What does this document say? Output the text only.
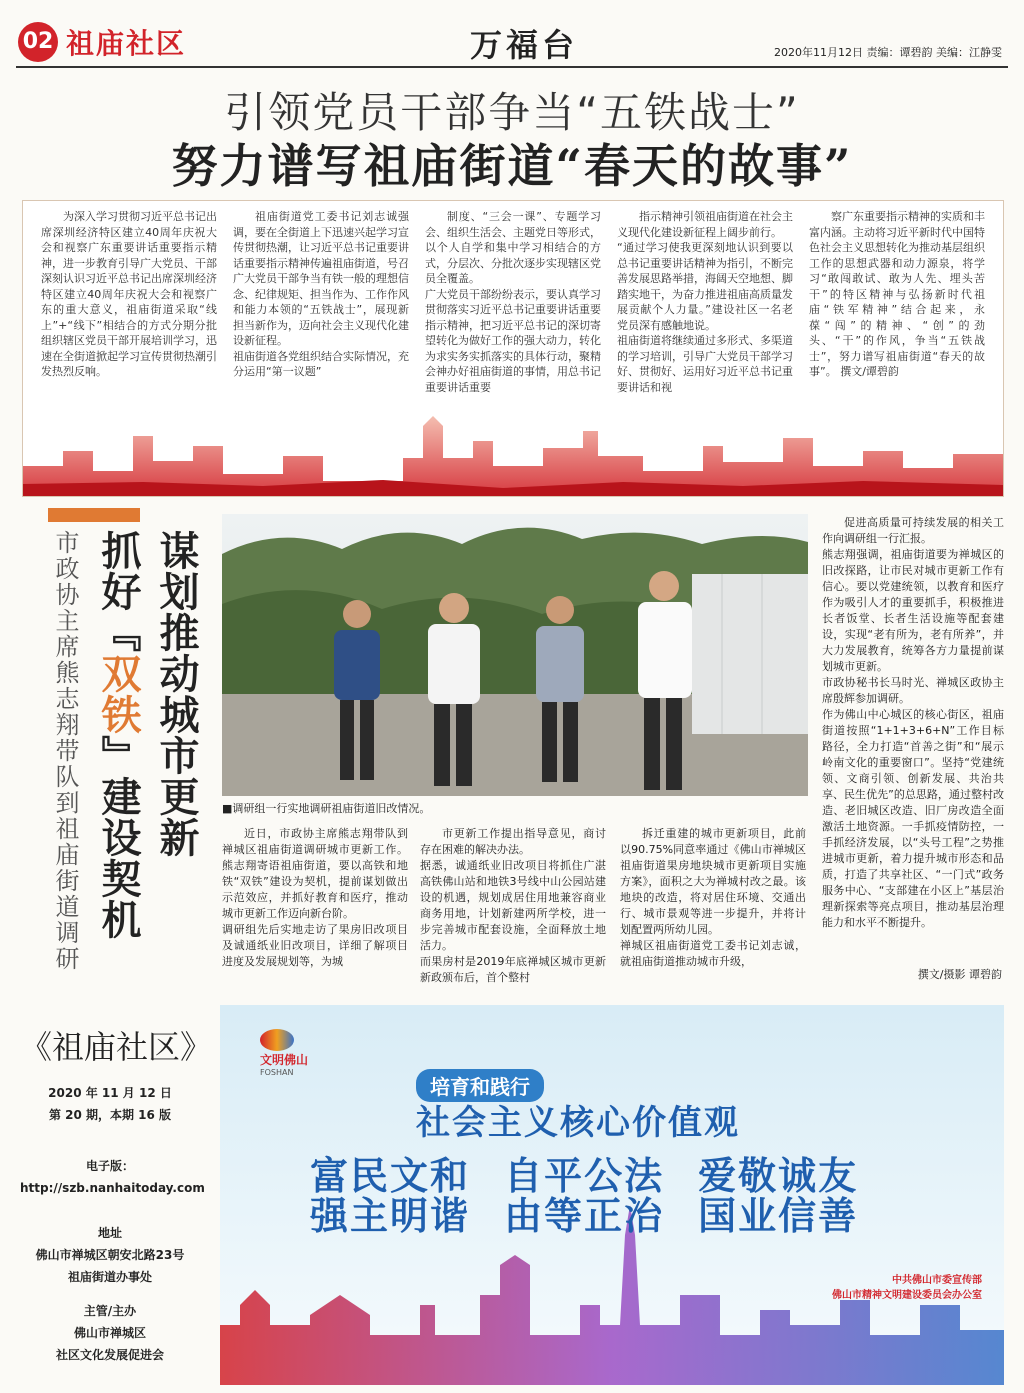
02 祖庙社区	万福台	2020年11月12日 责编：谭碧韵 美编：江静雯
引领党员干部争当“五铁战士”
努力谱写祖庙街道“春天的故事”

为深入学习贯彻习近平总书记出席深圳经济特区建立40周年庆祝大会和视察广东重要讲话重要指示精神，进一步教育引导广大党员、干部深刻认识习近平总书记出席深圳经济特区建立40周年庆祝大会和视察广东的重大意义，祖庙街道采取“线上”+“线下”相结合的方式分期分批组织辖区党员干部开展培训学习，迅速在全街道掀起学习宣传贯彻热潮引发热烈反响。

祖庙街道党工委书记刘志诚强调，要在全街道上下迅速兴起学习宣传贯彻热潮，让习近平总书记重要讲话重要指示精神传遍祖庙街道，号召广大党员干部争当有铁一般的理想信念、纪律规矩、担当作为、工作作风和能力本领的“五铁战士”，展现新担当新作为，迈向社会主义现代化建设新征程。
祖庙街道各党组织结合实际情况，充分运用“第一议题”

制度、“三会一课”、专题学习会、组织生活会、主题党日等形式，以个人自学和集中学习相结合的方式，分层次、分批次逐步实现辖区党员全覆盖。
广大党员干部纷纷表示，要认真学习贯彻落实习近平总书记重要讲话重要指示精神，把习近平总书记的深切寄望转化为做好工作的强大动力，转化为求实务实抓落实的具体行动，聚精会神办好祖庙街道的事情，用总书记重要讲话重要

指示精神引领祖庙街道在社会主义现代化建设新征程上阔步前行。
“通过学习使我更深刻地认识到要以总书记重要讲话精神为指引，不断完善发展思路举措，海阔天空地想、脚踏实地干，为奋力推进祖庙高质量发展贡献个人力量。”建设社区一名老党员深有感触地说。
祖庙街道将继续通过多形式、多渠道的学习培训，引导广大党员干部学习好、贯彻好、运用好习近平总书记重要讲话和视

察广东重要指示精神的实质和丰富内涵。主动将习近平新时代中国特色社会主义思想转化为推动基层组织工作的思想武器和动力源泉，将学习“敢闯敢试、敢为人先、埋头苦干”的特区精神与弘扬新时代祖庙“铁军精神”结合起来，永葆“闯”的精神、“创”的劲头、“干”的作风，争当“五铁战士”，努力谱写祖庙街道“春天的故事”。 撰文/谭碧韵

市政协主席熊志翔带队到祖庙街道调研 抓好『双铁』建设契机 谋划推动城市更新	■调研组一行实地调研祖庙街道旧改情况。

近日，市政协主席熊志翔带队到禅城区祖庙街道调研城市更新工作。熊志翔寄语祖庙街道，要以高铁和地铁“双铁”建设为契机，提前谋划做出示范效应，并抓好教育和医疗，推动城市更新工作迈向新台阶。
调研组先后实地走访了果房旧改项目及诚通纸业旧改项目，详细了解项目进度及发展规划等，为城

市更新工作提出指导意见，商讨存在困难的解决办法。
据悉，诚通纸业旧改项目将抓住广湛高铁佛山站和地铁3号线中山公园站建设的机遇，规划成居住用地兼容商业商务用地，计划新建两所学校，进一步完善城市配套设施，全面释放土地活力。
而果房村是2019年底禅城区城市更新新政颁布后，首个整村

拆迁重建的城市更新项目，此前以90.75%同意率通过《佛山市禅城区祖庙街道果房地块城市更新项目实施方案》，面积之大为禅城村改之最。该地块的改造，将对居住环境、交通出行、城市景观等进一步提升，并将计划配置两所幼儿园。
禅城区祖庙街道党工委书记刘志诚，就祖庙街道推动城市升级，

促进高质量可持续发展的相关工作向调研组一行汇报。
熊志翔强调，祖庙街道要为禅城区的旧改探路，让市民对城市更新工作有信心。要以党建统领，以教育和医疗作为吸引人才的重要抓手，积极推进长者饭堂、长者生活设施等配套建设，实现“老有所为，老有所养”，并大力发展教育，统筹各方力量提前谋划城市更新。
市政协秘书长马时光、禅城区政协主席殷辉参加调研。
作为佛山中心城区的核心街区，祖庙街道按照“1+1+3+6+N”工作目标路径，全力打造“首善之街”和“展示岭南文化的重要窗口”。坚持“党建统领、文商引领、创新发展、共治共享、民生优先”的总思路，通过整村改造、老旧城区改造、旧厂房改造全面激活土地资源。一手抓疫情防控，一手抓经济发展，以“头号工程”之势推进城市更新，着力提升城市形态和品质，打造了共享社区、“一门式”政务服务中心、“支部建在小区上”基层治理新探索等亮点项目，推动基层治理能力和水平不断提升。

撰文/摄影 谭碧韵
《祖庙社区》
2020 年 11 月 12 日
第 20 期，本期 16 版
电子版：
http://szb.nanhaitoday.com
地址
佛山市禅城区朝安北路23号
祖庙街道办事处
主管/主办
佛山市禅城区
社区文化发展促进会
文明佛山
FOSHAN
培育和践行
社会主义核心价值观
富民文和 自平公法 爱敬诚友
强主明谐 由等正治 国业信善
中共佛山市委宣传部
佛山市精神文明建设委员会办公室
